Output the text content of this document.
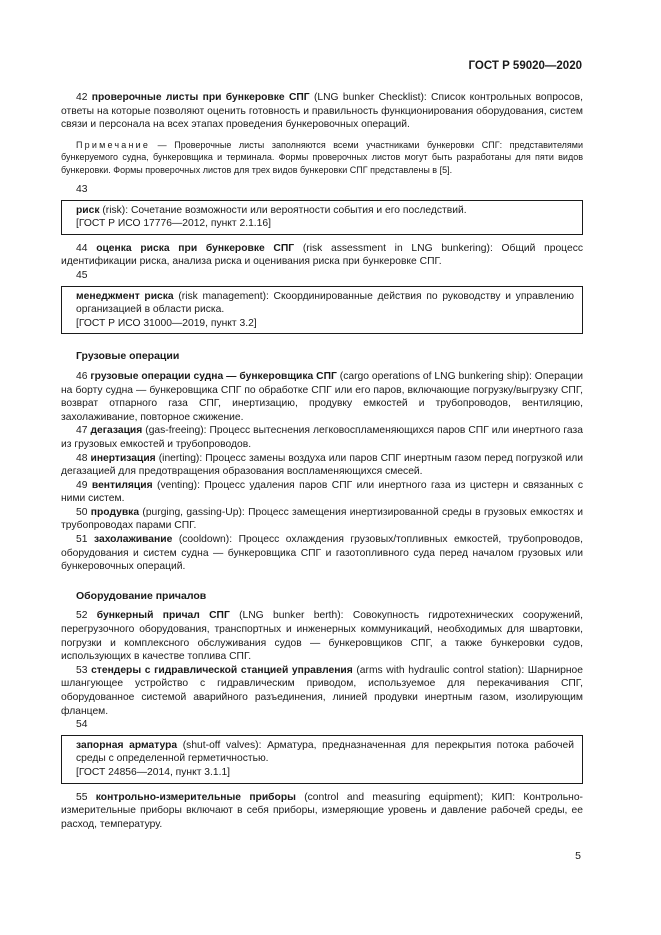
ГОСТ Р 59020—2020

42 проверочные листы при бункеровке СПГ (LNG bunker Checklist): Список контрольных вопросов, ответы на которые позволяют оценить готовность и правильность функционирования оборудования, систем связи и персонала на всех этапах проведения бункеровочных операций.

Примечание — Проверочные листы заполняются всеми участниками бункеровки СПГ: представителями бункеруемого судна, бункеровщика и терминала. Формы проверочных листов могут быть разработаны для пяти видов бункеровки. Формы проверочных листов для трех видов бункеровки СПГ представлены в [5].

43

риск (risk): Сочетание возможности или вероятности события и его последствий.

[ГОСТ Р ИСО 17776—2012, пункт 2.1.16]

44 оценка риска при бункеровке СПГ (risk assessment in LNG bunkering): Общий процесс идентификации риска, анализа риска и оценивания риска при бункеровке СПГ.

45

менеджмент риска (risk management): Скоординированные действия по руководству и управлению организацией в области риска.

[ГОСТ Р ИСО 31000—2019, пункт 3.2]

Грузовые операции

46 грузовые операции судна — бункеровщика СПГ (cargo operations of LNG bunkering ship): Операции на борту судна — бункеровщика СПГ по обработке СПГ или его паров, включающие погрузку/выгрузку СПГ, возврат отпарного газа СПГ, инертизацию, продувку емкостей и трубопроводов, вентиляцию, захолаживание, повторное сжижение.

47 дегазация (gas-freeing): Процесс вытеснения легковоспламеняющихся паров СПГ или инертного газа из грузовых емкостей и трубопроводов.

48 инертизация (inerting): Процесс замены воздуха или паров СПГ инертным газом перед погрузкой или дегазацией для предотвращения образования воспламеняющихся смесей.

49 вентиляция (venting): Процесс удаления паров СПГ или инертного газа из цистерн и связанных с ними систем.

50 продувка (purging, gassing-Up): Процесс замещения инертизированной среды в грузовых емкостях и трубопроводах парами СПГ.

51 захолаживание (cooldown): Процесс охлаждения грузовых/топливных емкостей, трубопроводов, оборудования и систем судна — бункеровщика СПГ и газотопливного суда перед началом грузовых или бункеровочных операций.

Оборудование причалов

52 бункерный причал СПГ (LNG bunker berth): Совокупность гидротехнических сооружений, перегрузочного оборудования, транспортных и инженерных коммуникаций, необходимых для швартовки, погрузки и комплексного обслуживания судов — бункеровщиков СПГ, а также бункеровки судов, использующих в качестве топлива СПГ.

53 стендеры с гидравлической станцией управления (arms with hydraulic control station): Шарнирное шлангующее устройство с гидравлическим приводом, используемое для перекачивания СПГ, оборудованное системой аварийного разъединения, линией продувки инертным газом, изолирующим фланцем.

54

запорная арматура (shut-off valves): Арматура, предназначенная для перекрытия потока рабочей среды с определенной герметичностью.

[ГОСТ 24856—2014, пункт 3.1.1]

55 контрольно-измерительные приборы (control and measuring equipment); КИП: Контрольно-измерительные приборы включают в себя приборы, измеряющие уровень и давление рабочей среды, ее расход, температуру.

5
